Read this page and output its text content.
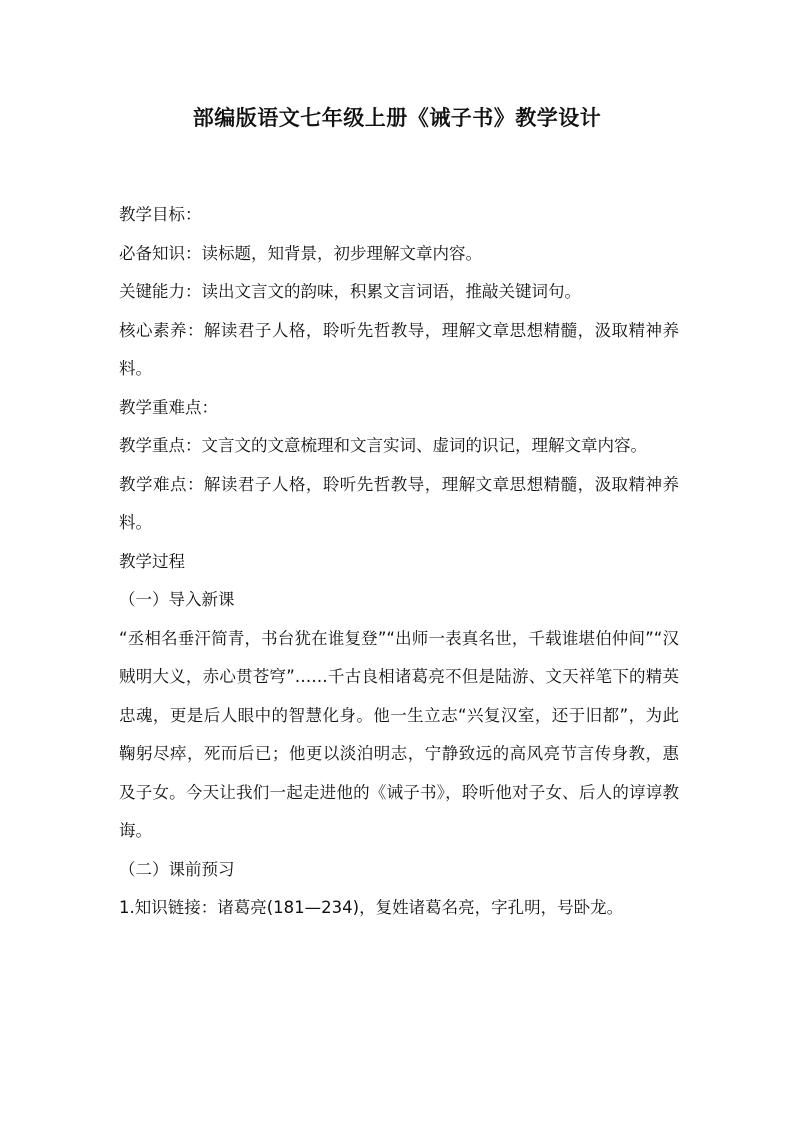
部编版语文七年级上册《诫子书》教学设计

教学目标：

必备知识：读标题，知背景，初步理解文章内容。

关键能力：读出文言文的韵味，积累文言词语，推敲关键词句。

核心素养：解读君子人格，聆听先哲教导，理解文章思想精髓，汲取精神养料。

教学重难点：

教学重点：文言文的文意梳理和文言实词、虚词的识记，理解文章内容。

教学难点：解读君子人格，聆听先哲教导，理解文章思想精髓，汲取精神养料。

教学过程

（一）导入新课

“丞相名垂汗简青，书台犹在谁复登”“出师一表真名世，千载谁堪伯仲间”“汉贼明大义，赤心贯苍穹”……千古良相诸葛亮不但是陆游、文天祥笔下的精英忠魂，更是后人眼中的智慧化身。他一生立志“兴复汉室，还于旧都”，为此鞠躬尽瘁，死而后已；他更以淡泊明志，宁静致远的高风亮节言传身教，惠及子女。今天让我们一起走进他的《诫子书》，聆听他对子女、后人的谆谆教诲。

（二）课前预习

1.知识链接：诸葛亮(181—234)，复姓诸葛名亮，字孔明，号卧龙。
